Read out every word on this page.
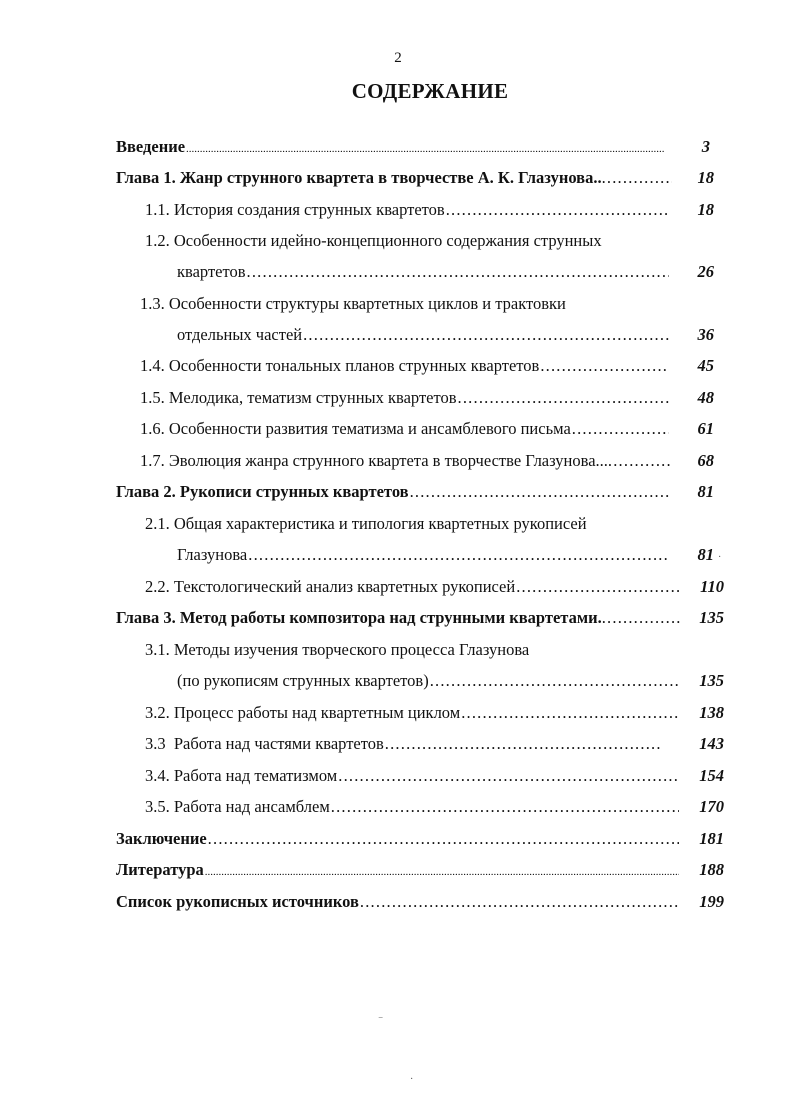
2
СОДЕРЖАНИЕ
Введение .....	3
Глава 1. Жанр струнного квартета в творчестве А. К. Глазунова.. .....	18
1.1. История создания струнных квартетов .....	18
1.2. Особенности идейно-концепционного содержания струнных
квартетов .....	26
1.3. Особенности структуры квартетных циклов и трактовки
отдельных частей .....	36
1.4. Особенности тональных планов струнных квартетов .....	45
1.5. Мелодика, тематизм струнных квартетов .....	48
1.6. Особенности развития тематизма и ансамблевого письма .....	61
1.7. Эволюция жанра струнного квартета в творчестве Глазунова... .....	68
Глава 2. Рукописи струнных квартетов .....	81
2.1. Общая характеристика и типология квартетных рукописей
Глазунова .....	81
2.2. Текстологический анализ квартетных рукописей .....	110
Глава 3. Метод работы композитора над струнными квартетами. .....	135
3.1. Методы изучения творческого процесса Глазунова
(по рукописям струнных квартетов) .....	135
3.2. Процесс работы над квартетным циклом .....	138
3.3  Работа над частями квартетов .....	143
3.4. Работа над тематизмом .....	154
3.5. Работа над ансамблем .....	170
Заключение .....	181
Литература .....	188
Список рукописных источников .....	199
⁻
·
·
